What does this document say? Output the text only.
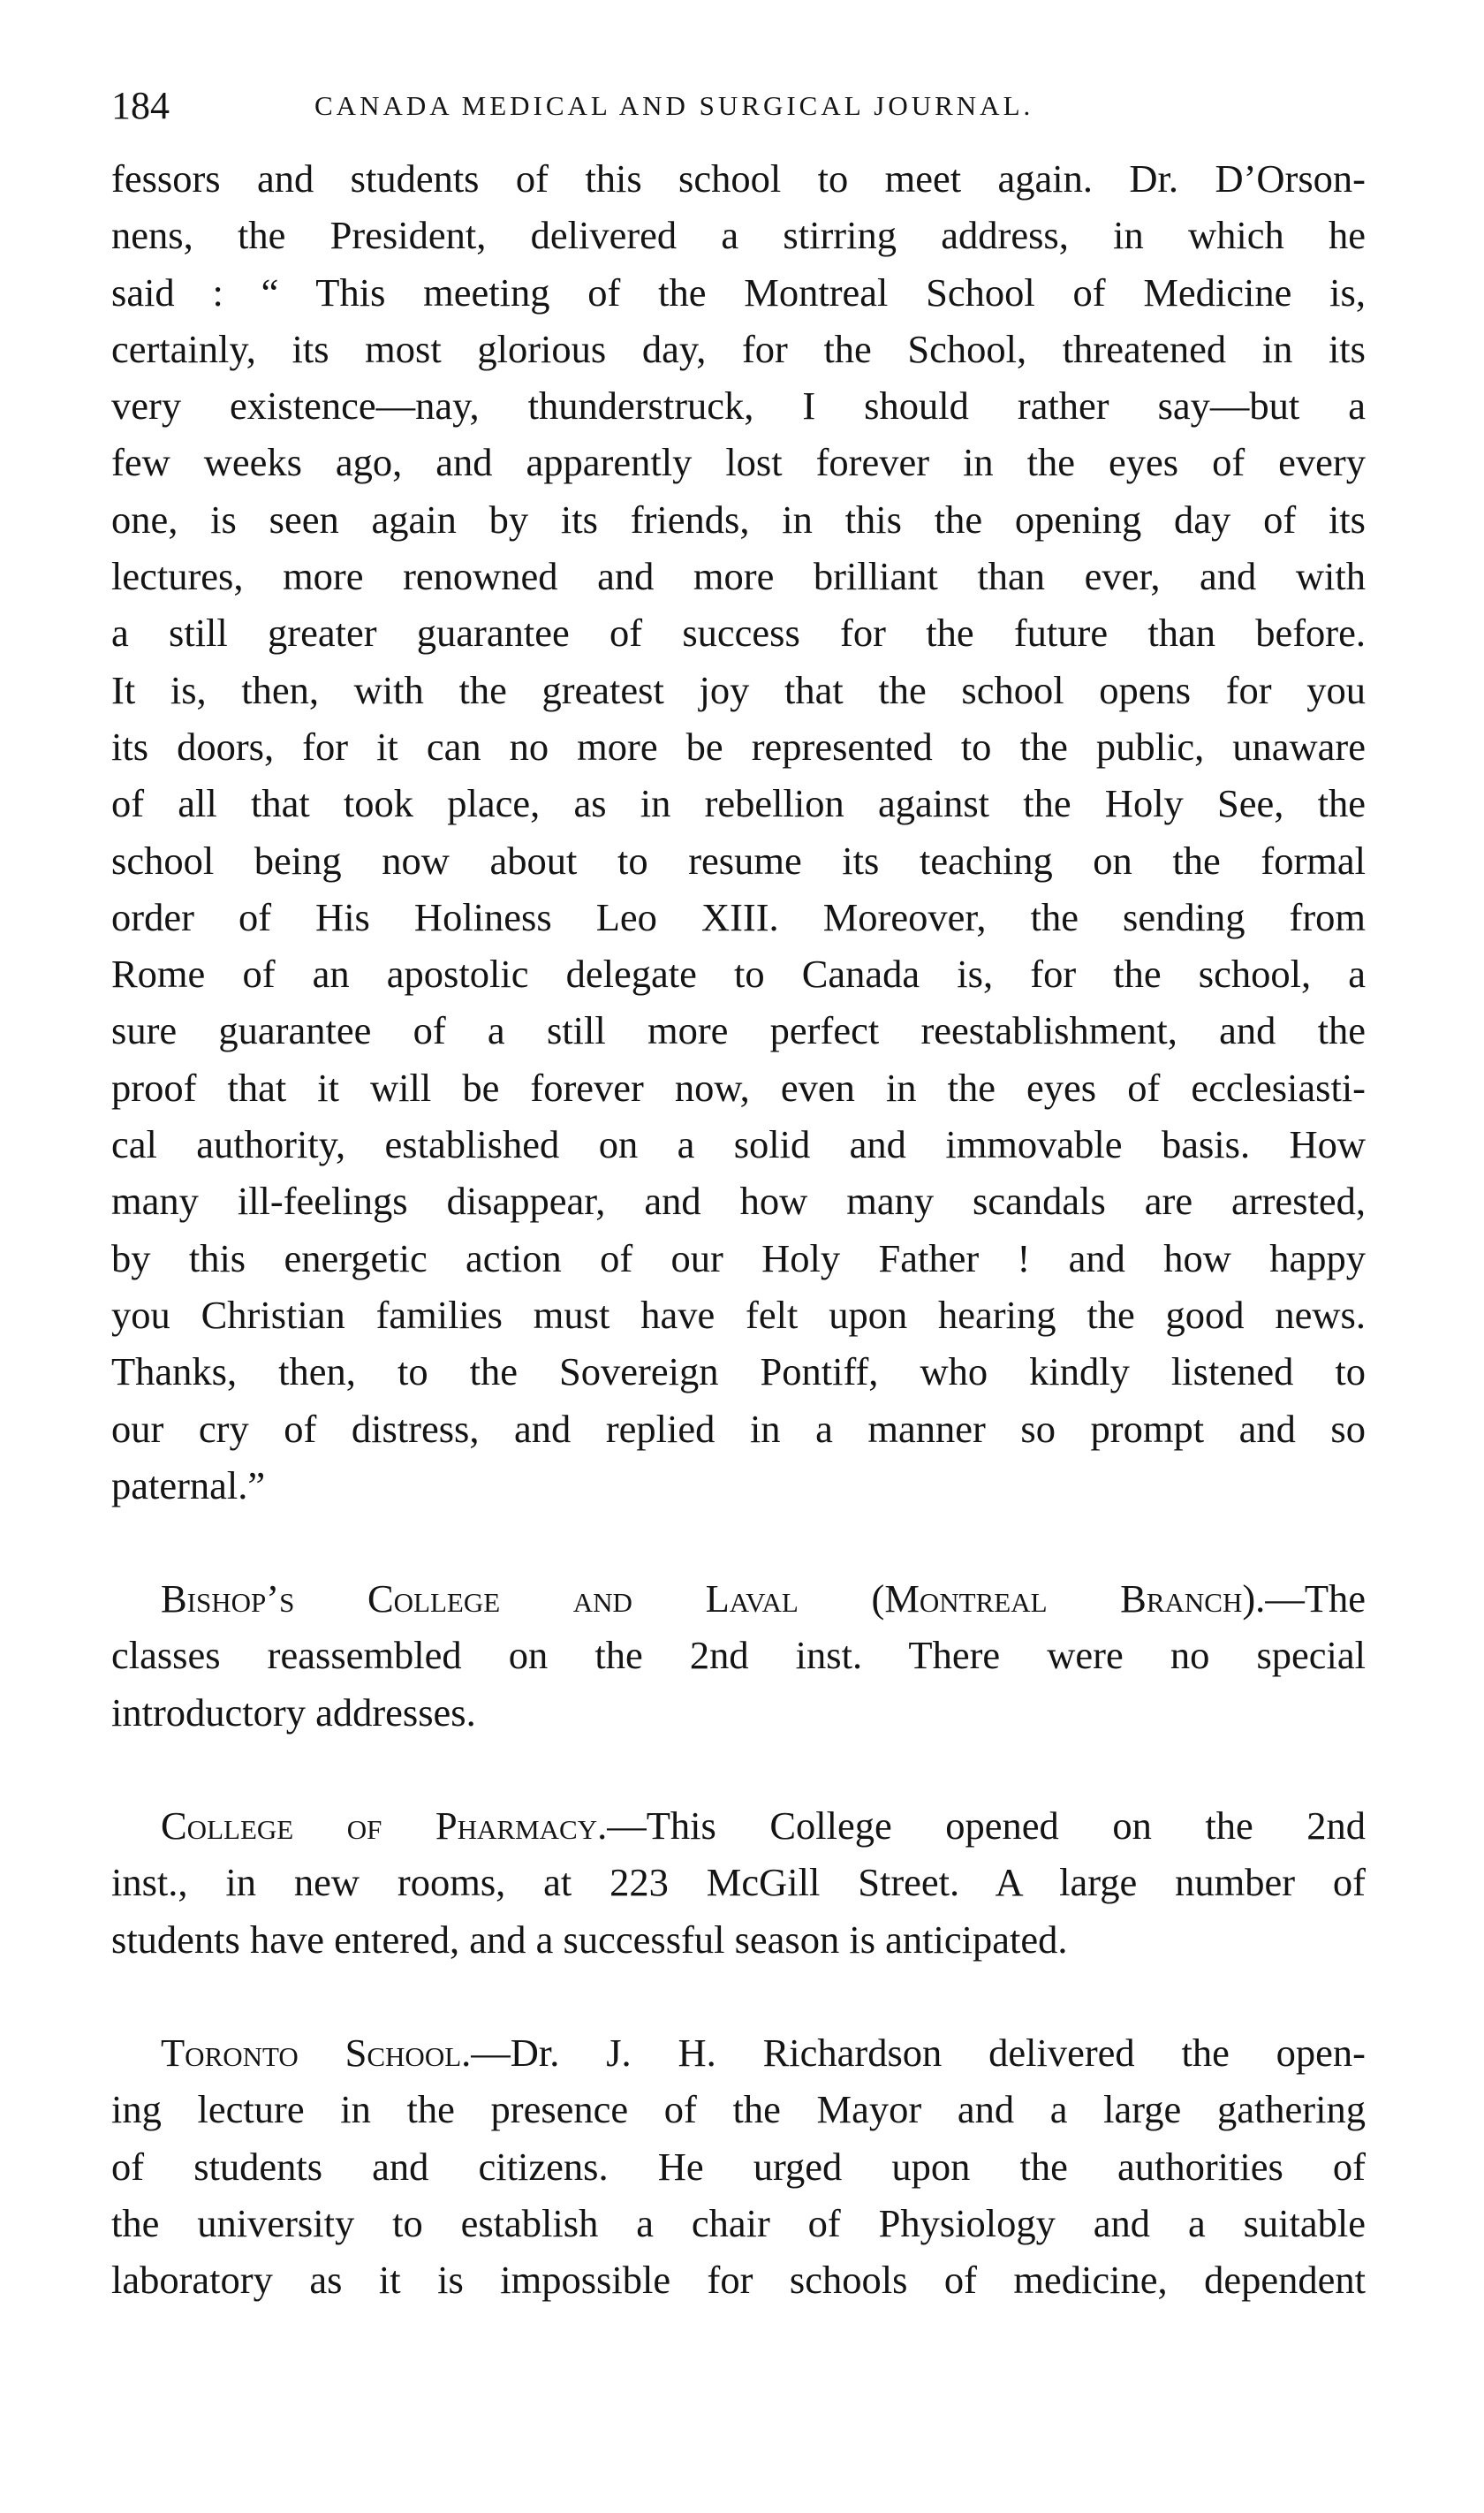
184	CANADA MEDICAL AND SURGICAL JOURNAL.
fessors and students of this school to meet again. Dr. D’Orson-
nens, the President, delivered a stirring address, in which he
said : “ This meeting of the Montreal School of Medicine is,
certainly, its most glorious day, for the School, threatened in its
very existence—nay, thunderstruck, I should rather say—but a
few weeks ago, and apparently lost forever in the eyes of every
one, is seen again by its friends, in this the opening day of its
lectures, more renowned and more brilliant than ever, and with
a still greater guarantee of success for the future than before.
It is, then, with the greatest joy that the school opens for you
its doors, for it can no more be represented to the public, unaware
of all that took place, as in rebellion against the Holy See, the
school being now about to resume its teaching on the formal
order of His Holiness Leo XIII. Moreover, the sending from
Rome of an apostolic delegate to Canada is, for the school, a
sure guarantee of a still more perfect reestablishment, and the
proof that it will be forever now, even in the eyes of ecclesiasti-
cal authority, established on a solid and immovable basis. How
many ill-feelings disappear, and how many scandals are arrested,
by this energetic action of our Holy Father ! and how happy
you Christian families must have felt upon hearing the good news.
Thanks, then, to the Sovereign Pontiff, who kindly listened to
our cry of distress, and replied in a manner so prompt and so
paternal.”
Bishop’s College and Laval (Montreal Branch).—The
classes reassembled on the 2nd inst. There were no special
introductory addresses.
College of Pharmacy.—This College opened on the 2nd
inst., in new rooms, at 223 McGill Street. A large number of
students have entered, and a successful season is anticipated.
Toronto School.—Dr. J. H. Richardson delivered the open-
ing lecture in the presence of the Mayor and a large gathering
of students and citizens. He urged upon the authorities of
the university to establish a chair of Physiology and a suitable
laboratory as it is impossible for schools of medicine, dependent
